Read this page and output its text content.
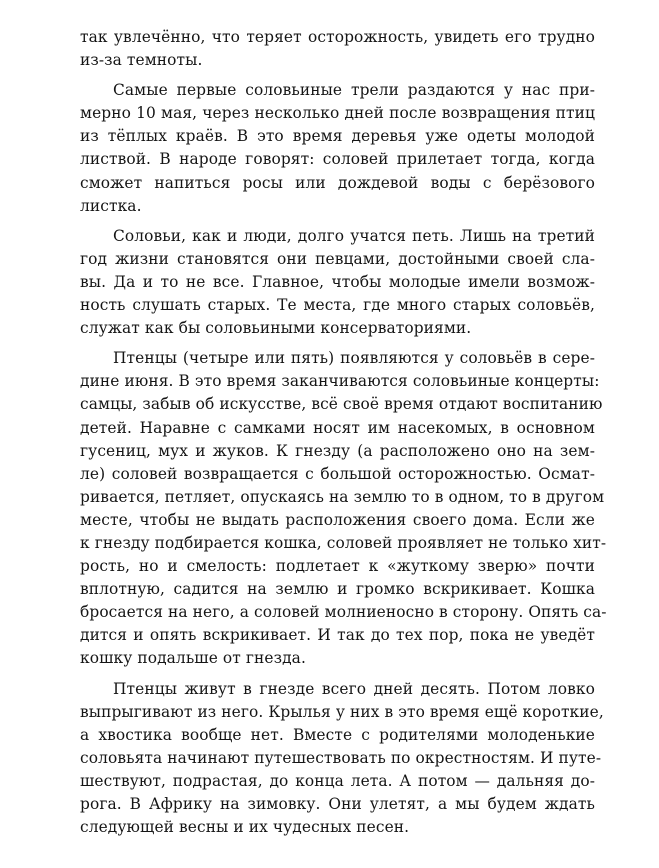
так увлечённо, что теряет осторожность, увидеть его трудно
из-за темноты.

Самые первые соловьиные трели раздаются у нас при-
мерно 10 мая, через несколько дней после возвращения птиц
из тёплых краёв. В это время деревья уже одеты молодой
листвой. В народе говорят: соловей прилетает тогда, когда
сможет напиться росы или дождевой воды с берёзового
листка.

Соловьи, как и люди, долго учатся петь. Лишь на третий
год жизни становятся они певцами, достойными своей сла-
вы. Да и то не все. Главное, чтобы молодые имели возмож-
ность слушать старых. Те места, где много старых соловьёв,
служат как бы соловьиными консерваториями.

Птенцы (четыре или пять) появляются у соловьёв в сере-
дине июня. В это время заканчиваются соловьиные концерты:
самцы, забыв об искусстве, всё своё время отдают воспитанию
детей. Наравне с самками носят им насекомых, в основном
гусениц, мух и жуков. К гнезду (а расположено оно на зем-
ле) соловей возвращается с большой осторожностью. Осмат-
ривается, петляет, опускаясь на землю то в одном, то в другом
месте, чтобы не выдать расположения своего дома. Если же
к гнезду подбирается кошка, соловей проявляет не только хит-
рость, но и смелость: подлетает к «жуткому зверю» почти
вплотную, садится на землю и громко вскрикивает. Кошка
бросается на него, а соловей молниеносно в сторону. Опять са-
дится и опять вскрикивает. И так до тех пор, пока не уведёт
кошку подальше от гнезда.

Птенцы живут в гнезде всего дней десять. Потом ловко
выпрыгивают из него. Крылья у них в это время ещё короткие,
а хвостика вообще нет. Вместе с родителями молоденькие
соловьята начинают путешествовать по окрестностям. И путе-
шествуют, подрастая, до конца лета. А потом — дальняя до-
рога. В Африку на зимовку. Они улетят, а мы будем ждать
следующей весны и их чудесных песен.
